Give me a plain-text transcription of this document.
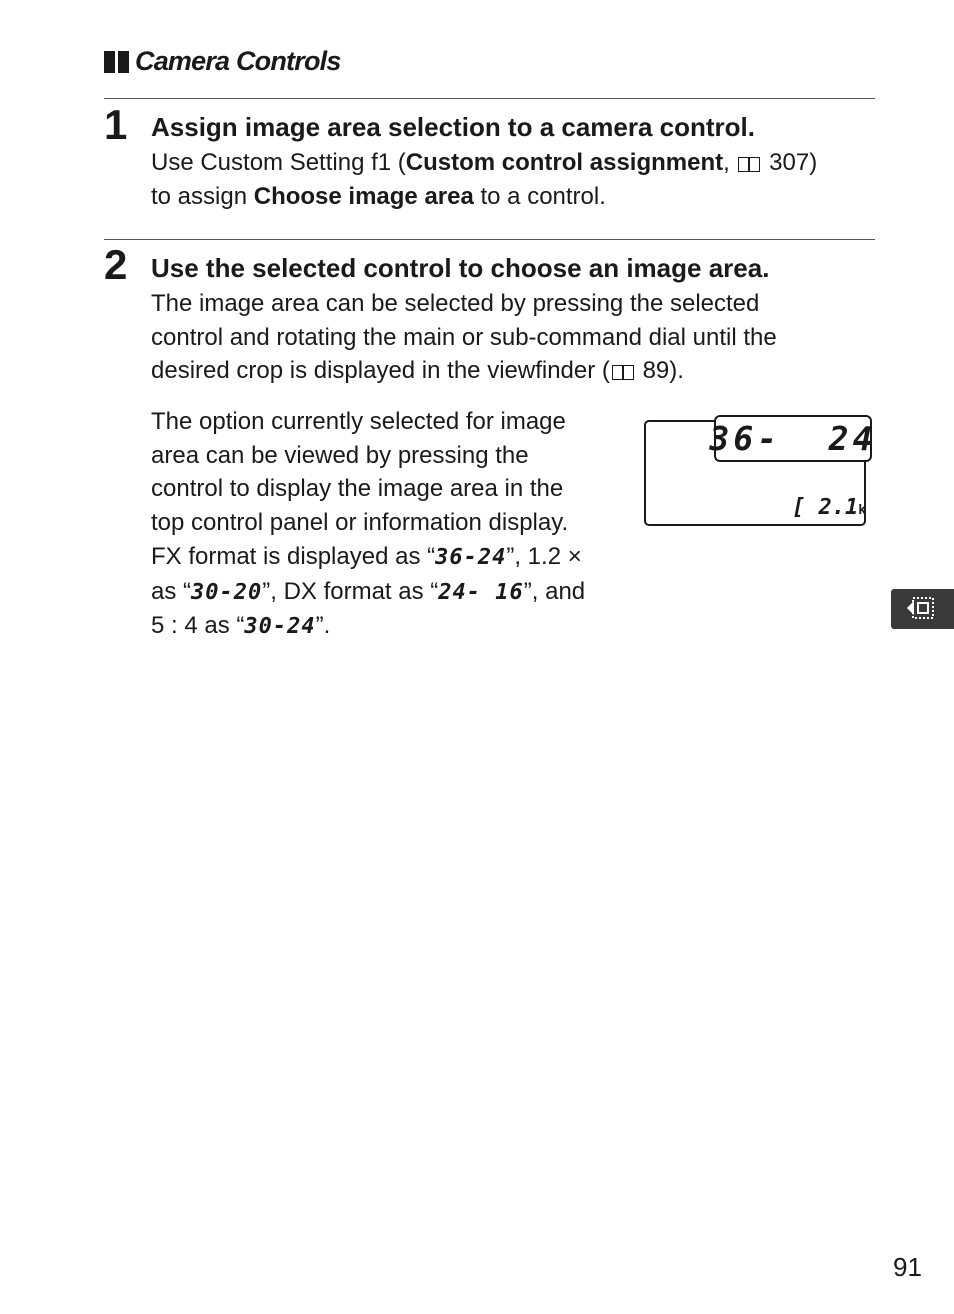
Camera Controls
1 Assign image area selection to a camera control.
Use Custom Setting f1 (Custom control assignment,  307)
to assign Choose image area to a control.
2 Use the selected control to choose an image area.
The image area can be selected by pressing the selected
control and rotating the main or sub-command dial until the
desired crop is displayed in the viewfinder ( 89).
The option currently selected for image
area can be viewed by pressing the
control to display the image area in the
top control panel or information display.
FX format is displayed as “36-24”, 1.2 ×
as “30-20”, DX format as “24- 16”, and
5 : 4 as “30-24”.
36-  24
[ 2.1k
91
